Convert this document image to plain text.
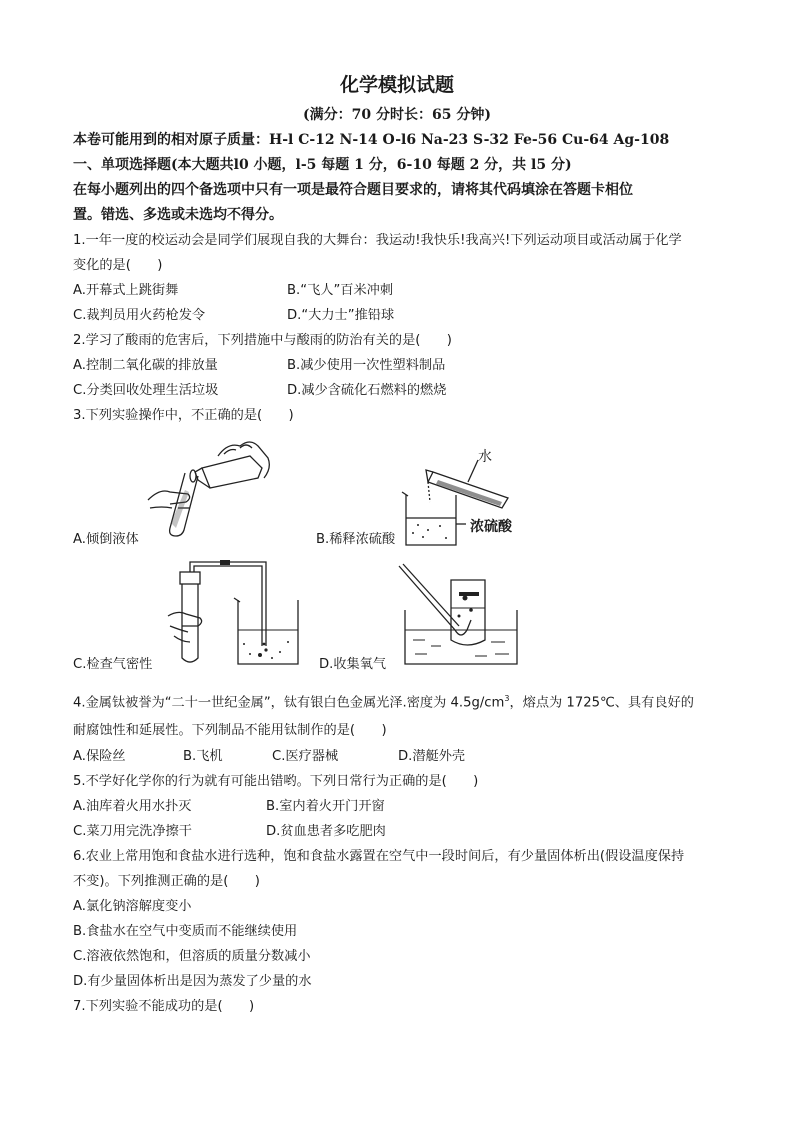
化学模拟试题
(满分：70 分时长：65 分钟)
本卷可能用到的相对原子质量：H-l C-12 N-14 O-l6 Na-23 S-32 Fe-56 Cu-64 Ag-108
一、单项选择题(本大题共l0 小题，l-5 每题 1 分，6-10 每题 2 分，共 l5 分)
在每小题列出的四个备选项中只有一项是最符合题目要求的，请将其代码填涂在答题卡相位
置。错选、多选或未选均不得分。
1.一年一度的校运动会是同学们展现自我的大舞台：我运动!我快乐!我高兴!下列运动项目或活动属于化学
变化的是(　　)
A.开幕式上跳街舞	B.“飞人”百米冲刺
C.裁判员用火药枪发令	D.“大力士”推铅球
2.学习了酸雨的危害后，下列措施中与酸雨的防治有关的是(　　)
A.控制二氧化碳的排放量	B.减少使用一次性塑料制品
C.分类回收处理生活垃圾	D.减少含硫化石燃料的燃烧
3.下列实验操作中，不正确的是(　　)
A.倾倒液体
水
浓硫酸
B.稀释浓硫酸
C.检查气密性	D.收集氧气
4.金属钛被誉为“二十一世纪金属”，钛有银白色金属光泽.密度为 $4.5g/cm^3$，熔点为 1725℃、具有良好的
耐腐蚀性和延展性。下列制品不能用钛制作的是(　　)
A.保险丝	B.飞机	C.医疗器械	D.潜艇外壳
5.不学好化学你的行为就有可能出错哟。下列日常行为正确的是(　　)
A.油库着火用水扑灭	B.室内着火开门开窗
C.菜刀用完洗净擦干	D.贫血患者多吃肥肉
6.农业上常用饱和食盐水进行选种，饱和食盐水露置在空气中一段时间后，有少量固体析出(假设温度保持
不变)。下列推测正确的是(　　)
A.氯化钠溶解度变小
B.食盐水在空气中变质而不能继续使用
C.溶液依然饱和，但溶质的质量分数减小
D.有少量固体析出是因为蒸发了少量的水
7.下列实验不能成功的是(　　)
